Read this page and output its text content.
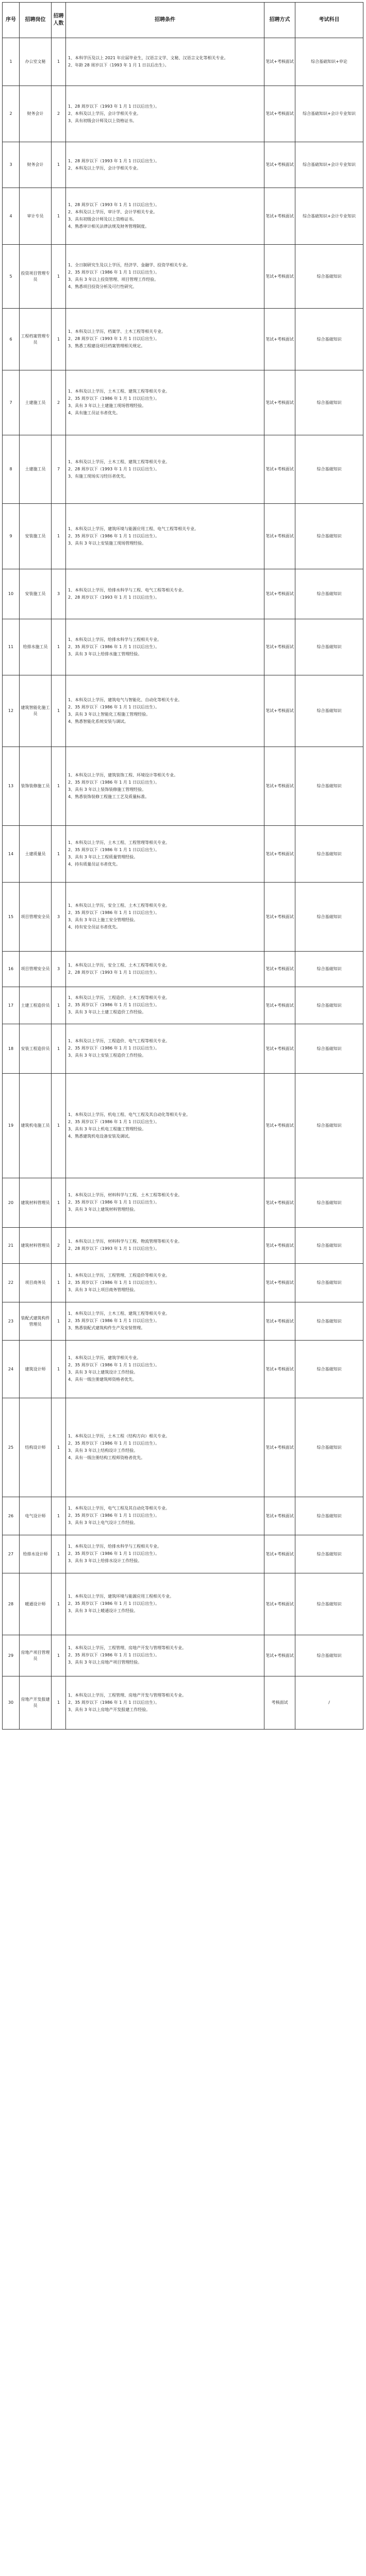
序号	招聘岗位	招聘人数	招聘条件	招聘方式	考试科目
1	办公室文秘	1	1、本科学历及以上 2021 年应届毕业生，汉语言文学、文秘、汉语言文化等相关专业。
2、年龄 28 周岁以下（1993 年 1 月 1 日以后出生）。	笔试+考核面试	综合基础知识+申论
2	财务会计	2	1、28 周岁以下（1993 年 1 月 1 日以后出生）。
2、本科及以上学历，会计学相关专业。
3、具有初级会计师及以上资格证书。	笔试+考核面试	综合基础知识+会计专业知识
3	财务会计	1	1、28 周岁以下（1993 年 1 月 1 日以后出生）。
2、本科及以上学历，会计学相关专业。	笔试+考核面试	综合基础知识+会计专业知识
4	审计专员	1	1、28 周岁以下（1993 年 1 月 1 日以后出生）。
2、本科及以上学历，审计学、会计学相关专业。
3、具有初级会计师及以上资格证书。
4、熟悉审计相关法律法规及财务管理制度。	笔试+考核面试	综合基础知识+会计专业知识
5	投资项目管理专员	1	1、全日制研究生及以上学历，经济学、金融学、投资学相关专业。
2、35 周岁以下（1986 年 1 月 1 日以后出生）。
3、具有 3 年以上投资管理、项目管理工作经验。
4、熟悉项目投资分析及可行性研究。	笔试+考核面试	综合基础知识
6	工程档案管理专员	1	1、本科及以上学历，档案学、土木工程等相关专业。
2、28 周岁以下（1993 年 1 月 1 日以后出生）。
3、熟悉工程建设项目档案管理相关规定。	笔试+考核面试	综合基础知识
7	土建施工员	2	1、本科及以上学历，土木工程、建筑工程等相关专业。
2、35 周岁以下（1986 年 1 月 1 日以后出生）。
3、具有 3 年以上土建施工现场管理经验。
4、具有施工员证书者优先。	笔试+考核面试	综合基础知识
8	土建施工员	7	1、本科及以上学历，土木工程、建筑工程等相关专业。
2、28 周岁以下（1993 年 1 月 1 日以后出生）。
3、有施工现场实习经历者优先。	笔试+考核面试	综合基础知识
9	安装施工员	1	1、本科及以上学历，建筑环境与能源应用工程、电气工程等相关专业。
2、35 周岁以下（1986 年 1 月 1 日以后出生）。
3、具有 3 年以上安装施工现场管理经验。	笔试+考核面试	综合基础知识
10	安装施工员	3	1、本科及以上学历，给排水科学与工程、电气工程等相关专业。
2、28 周岁以下（1993 年 1 月 1 日以后出生）。	笔试+考核面试	综合基础知识
11	给排水施工员	1	1、本科及以上学历，给排水科学与工程相关专业。
2、35 周岁以下（1986 年 1 月 1 日以后出生）。
3、具有 3 年以上给排水施工管理经验。	笔试+考核面试	综合基础知识
12	建筑智能化施工员	1	1、本科及以上学历，建筑电气与智能化、自动化等相关专业。
2、35 周岁以下（1986 年 1 月 1 日以后出生）。
3、具有 3 年以上智能化工程施工管理经验。
4、熟悉智能化系统安装与调试。	笔试+考核面试	综合基础知识
13	装饰装修施工员	1	1、本科及以上学历，建筑装饰工程、环境设计等相关专业。
2、35 周岁以下（1986 年 1 月 1 日以后出生）。
3、具有 3 年以上装饰装修施工管理经验。
4、熟悉装饰装修工程施工工艺及质量标准。	笔试+考核面试	综合基础知识
14	土建质量员	1	1、本科及以上学历，土木工程、工程管理等相关专业。
2、35 周岁以下（1986 年 1 月 1 日以后出生）。
3、具有 3 年以上工程质量管理经验。
4、持有质量员证书者优先。	笔试+考核面试	综合基础知识
15	项目管理安全员	3	1、本科及以上学历，安全工程、土木工程等相关专业。
2、35 周岁以下（1986 年 1 月 1 日以后出生）。
3、具有 3 年以上施工安全管理经验。
4、持有安全员证书者优先。	笔试+考核面试	综合基础知识
16	项目管理安全员	3	1、本科及以上学历，安全工程、土木工程等相关专业。
2、28 周岁以下（1993 年 1 月 1 日以后出生）。	笔试+考核面试	综合基础知识
17	土建工程造价员	1	1、本科及以上学历，工程造价、土木工程等相关专业。
2、35 周岁以下（1986 年 1 月 1 日以后出生）。
3、具有 3 年以上土建工程造价工作经验。	笔试+考核面试	综合基础知识
18	安装工程造价员	1	1、本科及以上学历，工程造价、电气工程等相关专业。
2、35 周岁以下（1986 年 1 月 1 日以后出生）。
3、具有 3 年以上安装工程造价工作经验。	笔试+考核面试	综合基础知识
19	建筑机电施工员	1	1、本科及以上学历，机电工程、电气工程及其自动化等相关专业。
2、35 周岁以下（1986 年 1 月 1 日以后出生）。
3、具有 3 年以上机电工程施工管理经验。
4、熟悉建筑机电设备安装及调试。	笔试+考核面试	综合基础知识
20	建筑材料管理员	1	1、本科及以上学历，材料科学与工程、土木工程等相关专业。
2、35 周岁以下（1986 年 1 月 1 日以后出生）。
3、具有 3 年以上建筑材料管理经验。	笔试+考核面试	综合基础知识
21	建筑材料管理员	2	1、本科及以上学历，材料科学与工程、物流管理等相关专业。
2、28 周岁以下（1993 年 1 月 1 日以后出生）。	笔试+考核面试	综合基础知识
22	项目商务员	1	1、本科及以上学历，工程管理、工程造价等相关专业。
2、35 周岁以下（1986 年 1 月 1 日以后出生）。
3、具有 3 年以上项目商务管理经验。	笔试+考核面试	综合基础知识
23	装配式建筑构件管理员	1	1、本科及以上学历，土木工程、建筑工程等相关专业。
2、35 周岁以下（1986 年 1 月 1 日以后出生）。
3、熟悉装配式建筑构件生产及安装管理。	笔试+考核面试	综合基础知识
24	建筑设计师	1	1、本科及以上学历，建筑学相关专业。
2、35 周岁以下（1986 年 1 月 1 日以后出生）。
3、具有 3 年以上建筑设计工作经验。
4、具有一级注册建筑师资格者优先。	笔试+考核面试	综合基础知识
25	结构设计师	1	1、本科及以上学历，土木工程（结构方向）相关专业。
2、35 周岁以下（1986 年 1 月 1 日以后出生）。
3、具有 3 年以上结构设计工作经验。
4、具有一级注册结构工程师资格者优先。	笔试+考核面试	综合基础知识
26	电气设计师	1	1、本科及以上学历，电气工程及其自动化等相关专业。
2、35 周岁以下（1986 年 1 月 1 日以后出生）。
3、具有 3 年以上电气设计工作经验。	笔试+考核面试	综合基础知识
27	给排水设计师	1	1、本科及以上学历，给排水科学与工程相关专业。
2、35 周岁以下（1986 年 1 月 1 日以后出生）。
3、具有 3 年以上给排水设计工作经验。	笔试+考核面试	综合基础知识
28	暖通设计师	1	1、本科及以上学历，建筑环境与能源应用工程相关专业。
2、35 周岁以下（1986 年 1 月 1 日以后出生）。
3、具有 3 年以上暖通设计工作经验。	笔试+考核面试	综合基础知识
29	房地产项目管理员	1	1、本科及以上学历，工程管理、房地产开发与管理等相关专业。
2、35 周岁以下（1986 年 1 月 1 日以后出生）。
3、具有 3 年以上房地产项目管理经验。	笔试+考核面试	综合基础知识
30	房地产开发报建员	1	1、本科及以上学历，工程管理、房地产开发与管理等相关专业。
2、35 周岁以下（1986 年 1 月 1 日以后出生）。
3、具有 3 年以上房地产开发报建工作经验。	考核面试	/
